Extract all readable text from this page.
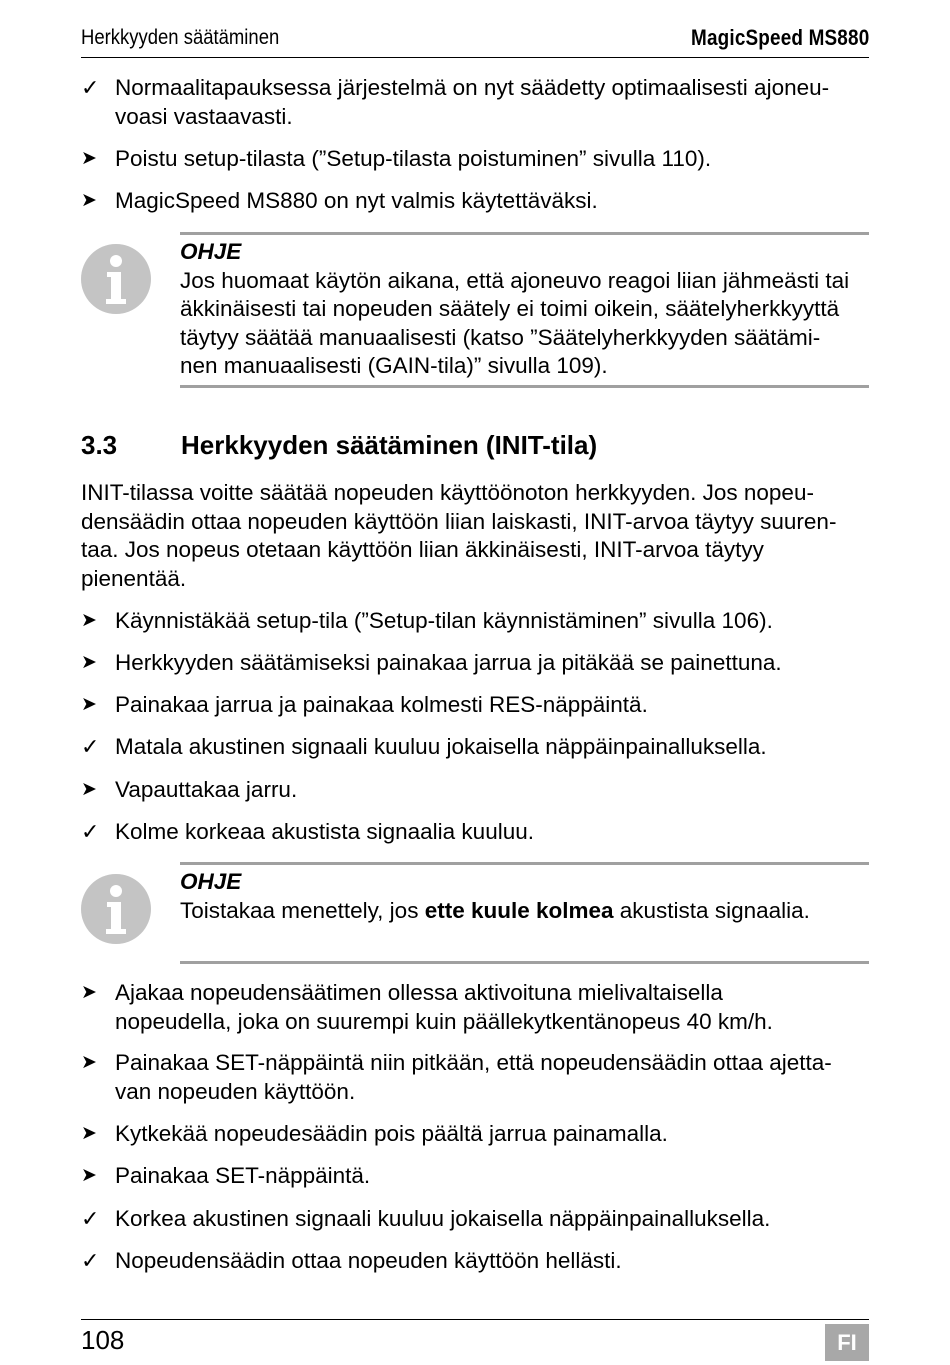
Herkkyyden säätäminen	MagicSpeed MS880
✓ Normaalitapauksessa järjestelmä on nyt säädetty optimaalisesti ajoneu-
voasi vastaavasti.
➤ Poistu setup-tilasta (”Setup-tilasta poistuminen” sivulla 110).
➤ MagicSpeed MS880 on nyt valmis käytettäväksi.
OHJE
Jos huomaat käytön aikana, että ajoneuvo reagoi liian jähmeästi tai
äkkinäisesti tai nopeuden säätely ei toimi oikein, säätelyherkkyyttä
täytyy säätää manuaalisesti (katso ”Säätelyherkkyyden säätämi-
nen manuaalisesti (GAIN-tila)” sivulla 109).
3.3 Herkkyyden säätäminen (INIT-tila)
INIT-tilassa voitte säätää nopeuden käyttöönoton herkkyyden. Jos nopeu-
densäädin ottaa nopeuden käyttöön liian laiskasti, INIT-arvoa täytyy suuren-
taa. Jos nopeus otetaan käyttöön liian äkkinäisesti, INIT-arvoa täytyy
pienentää.
➤ Käynnistäkää setup-tila (”Setup-tilan käynnistäminen” sivulla 106).
➤ Herkkyyden säätämiseksi painakaa jarrua ja pitäkää se painettuna.
➤ Painakaa jarrua ja painakaa kolmesti RES-näppäintä.
✓ Matala akustinen signaali kuuluu jokaisella näppäinpainalluksella.
➤ Vapauttakaa jarru.
✓ Kolme korkeaa akustista signaalia kuuluu.
OHJE
Toistakaa menettely, jos ette kuule kolmea akustista signaalia.
➤ Ajakaa nopeudensäätimen ollessa aktivoituna mielivaltaisella
nopeudella, joka on suurempi kuin päällekytkentänopeus 40 km/h.
➤ Painakaa SET-näppäintä niin pitkään, että nopeudensäädin ottaa ajetta-
van nopeuden käyttöön.
➤ Kytkekää nopeudesäädin pois päältä jarrua painamalla.
➤ Painakaa SET-näppäintä.
✓ Korkea akustinen signaali kuuluu jokaisella näppäinpainalluksella.
✓ Nopeudensäädin ottaa nopeuden käyttöön hellästi.
108	FI
